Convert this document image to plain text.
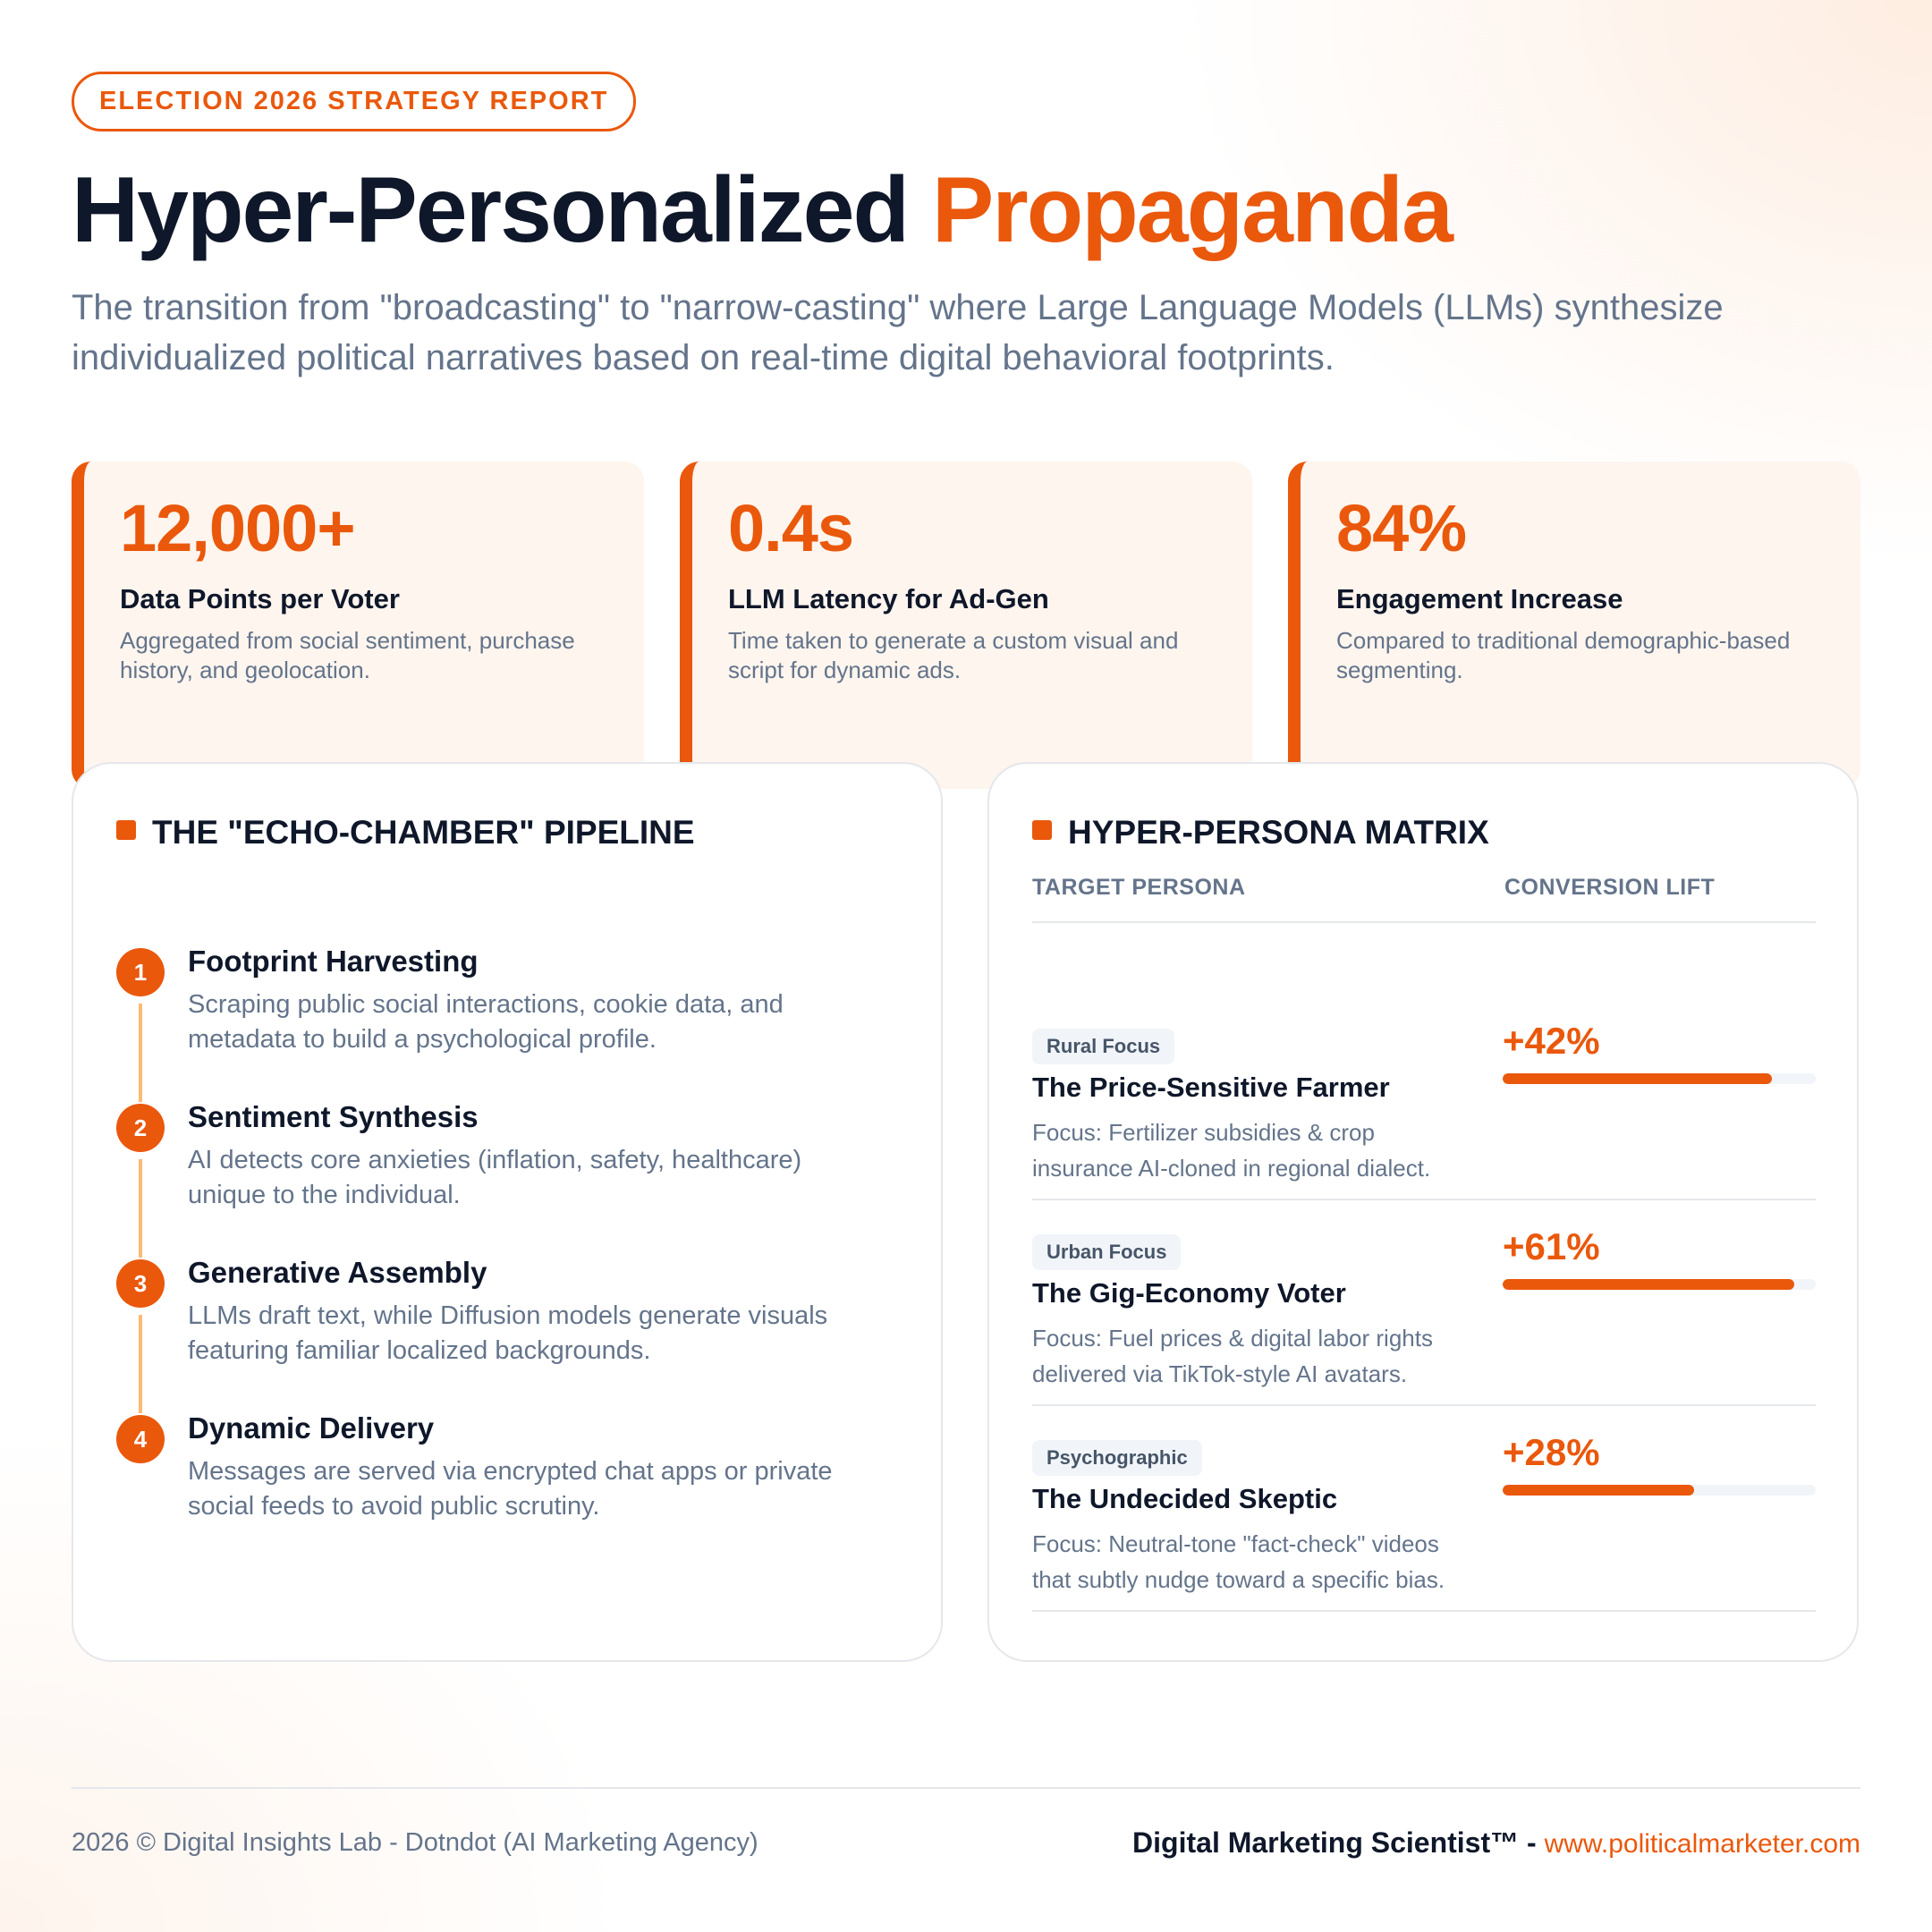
ELECTION 2026 STRATEGY REPORT
Hyper-Personalized Propaganda
The transition from "broadcasting" to "narrow-casting" where Large Language Models (LLMs) synthesize individualized political narratives based on real-time digital behavioral footprints.
12,000+
Data Points per Voter
Aggregated from social sentiment, purchase history, and geolocation.
0.4s
LLM Latency for Ad-Gen
Time taken to generate a custom visual and script for dynamic ads.
84%
Engagement Increase
Compared to traditional demographic-based segmenting.
THE "ECHO-CHAMBER" PIPELINE
1	Footprint Harvesting
Scraping public social interactions, cookie data, and metadata to build a psychological profile.
2	Sentiment Synthesis
AI detects core anxieties (inflation, safety, healthcare) unique to the individual.
3	Generative Assembly
LLMs draft text, while Diffusion models generate visuals featuring familiar localized backgrounds.
4	Dynamic Delivery
Messages are served via encrypted chat apps or private social feeds to avoid public scrutiny.
HYPER-PERSONA MATRIX
TARGET PERSONA	CONVERSION LIFT
Rural Focus
The Price-Sensitive Farmer
Focus: Fertilizer subsidies & crop insurance AI-cloned in regional dialect.
+42%
Urban Focus
The Gig-Economy Voter
Focus: Fuel prices & digital labor rights delivered via TikTok-style AI avatars.
+61%
Psychographic
The Undecided Skeptic
Focus: Neutral-tone "fact-check" videos that subtly nudge toward a specific bias.
+28%
2026 © Digital Insights Lab - Dotndot (AI Marketing Agency)	Digital Marketing Scientist™ - www.politicalmarketer.com
